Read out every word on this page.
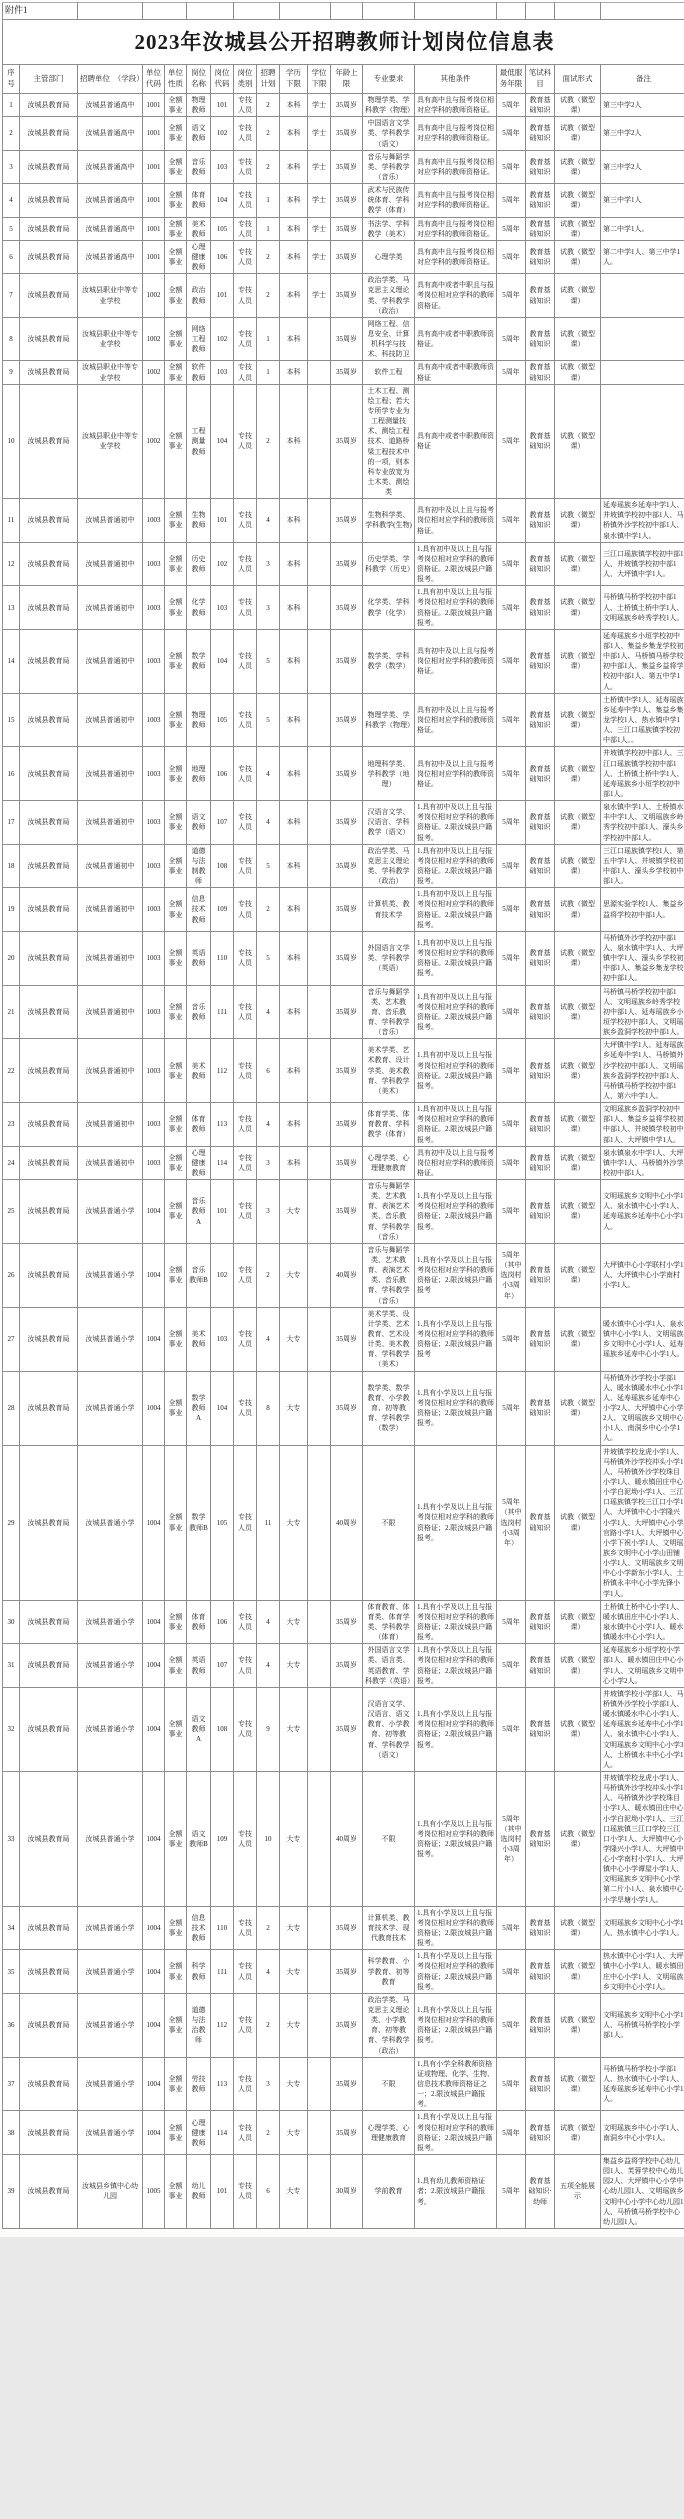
附件1																	
2023年汝城县公开招聘教师计划岗位信息表																	
序号	主管部门	招聘单位　（学段）	单位代码	单位性质	岗位名称	岗位代码	岗位类别	招聘计划	学历　下限	学位下限	年龄上限	专业要求	其他条件	最低服务年限	笔试科目	面试形式	备注
1	汝城县教育局	汝城县普通高中	1001	全额事业	物理教师	101	专技人员	2	本科	学士	35周岁	物理学类、学科教学（物理）	具有高中且与报考岗位相对应学科的教师资格证。	5周年	教育基础知识	试教（微型课）	第三中学2人
2	汝城县教育局	汝城县普通高中	1001	全额事业	语文教师	102	专技人员	2	本科	学士	35周岁	中国语言文学类、学科教学（语文）	具有高中且与报考岗位相对应学科的教师资格证。	5周年	教育基础知识	试教（微型课）	第三中学2人
3	汝城县教育局	汝城县普通高中	1001	全额事业	音乐教师	103	专技人员	2	本科	学士	35周岁	音乐与舞蹈学类、学科教学（音乐）	具有高中且与报考岗位相对应学科的教师资格证。	5周年	教育基础知识	试教（微型课）	第三中学2人
4	汝城县教育局	汝城县普通高中	1001	全额事业	体育教师	104	专技人员	1	本科	学士	35周岁	武术与民族传统体育、学科教学（体育）	具有高中且与报考岗位相对应学科的教师资格证。	5周年	教育基础知识	试教（微型课）	第三中学1人
5	汝城县教育局	汝城县普通高中	1001	全额事业	美术教师	105	专技人员	1	本科	学士	35周岁	书法学、学科教学（美术）	具有高中且与报考岗位相对应学科的教师资格证。	5周年	教育基础知识	试教（微型课）	第二中学1人。
6	汝城县教育局	汝城县普通高中	1001	全额事业	心理健康教师	106	专技人员	2	本科	学士	35周岁	心理学类	具有高中且与报考岗位相对应学科的教师资格证。	5周年	教育基础知识	试教（微型课）	第二中学1人、第三中学1人。
7	汝城县教育局	汝城县职业中等专业学校	1002	全额事业	政治教师	101	专技人员	2	本科	学士	35周岁	政治学类、马克思主义理论类、学科教学（政治）	具有高中或者中职且与报考岗位相对应学科的教师资格证。	5周年	教育基础知识	试教（微型课）	
8	汝城县教育局	汝城县职业中等专业学校	1002	全额事业	网络工程教师	102	专技人员	1	本科		35周岁	网络工程、信息安全、计算机科学与技术、科技防卫	具有高中或者中职教师资格证。	5周年	教育基础知识	试教（微型课）	
9	汝城县教育局	汝城县职业中等专业学校	1002	全额事业	软件教师	103	专技人员	1	本科		35周岁	软件工程	具有高中或者中职教师资格证	5周年	教育基础知识	试教（微型课）	
10	汝城县教育局	汝城县职业中等专业学校	1002	全额事业	工程测量教师	104	专技人员	2	本科		35周岁	土木工程、测绘工程；若大专所学专业为工程测量技术、测绘工程技术、道路桥梁工程技术中的一项，则本科专业放宽为土木类、测绘类	具有高中或者中职教师资格证	5周年	教育基础知识	试教（微型课）	
11	汝城县教育局	汝城县普通初中	1003	全额事业	生物教师	101	专技人员	4	本科		35周岁	生物科学类、学科教学(生物)	具有初中及以上且与报考岗位相对应学科的教师资格证。	5周年	教育基础知识	试教（微型课）	延寿瑶族乡延寿中学1人、井坡镇学校初中部1人、马桥镇外沙学校初中部1人、泉水镇中学1人。
12	汝城县教育局	汝城县普通初中	1003	全额事业	历史教师	102	专技人员	3	本科		35周岁	历史学类、学科教学（历史）	1.具有初中及以上且与报考岗位相对应学科的教师资格证。2.限汝城县户籍报考。	5周年	教育基础知识	试教（微型课）	三江口瑶族镇学校初中部1人、井坡镇学校初中部1人、大坪镇中学1人。
13	汝城县教育局	汝城县普通初中	1003	全额事业	化学教师	103	专技人员	3	本科		35周岁	化学类、学科教学（化学）	1.具有初中及以上且与报考岗位相对应学科的教师资格证。2.限汝城县户籍报考。	5周年	教育基础知识	试教（微型课）	马桥镇马桥学校初中部1人、土桥镇土桥中学1人、文明瑶族乡岭秀学校1人。
14	汝城县教育局	汝城县普通初中	1003	全额事业	数学教师	104	专技人员	5	本科		35周岁	数学类、学科教学（数学）	具有初中及以上且与报考岗位相对应学科的教师资格证。	5周年	教育基础知识	试教（微型课）	延寿瑶族乡小垣学校初中部1人、集益乡集龙学校初中部1人、马桥镇马桥学校初中部1人、集益乡益将学校初中部1人、第五中学1人。
15	汝城县教育局	汝城县普通初中	1003	全额事业	物理教师	105	专技人员	5	本科		35周岁	物理学类、学科教学（物理）	具有初中及以上且与报考岗位相对应学科的教师资格证。	5周年	教育基础知识	试教（微型课）	土桥镇中学1人、延寿瑶族乡延寿中学1人、集益乡集龙学校1人、热水镇中学1人、三江口瑶族镇学校初中部1人。。
16	汝城县教育局	汝城县普通初中	1003	全额事业	地理教师	106	专技人员	4	本科		35周岁	地理科学类、学科教学（地理）	具有初中及以上且与报考岗位相对应学科的教师资格证。	5周年	教育基础知识	试教（微型课）	井坡镇学校初中部1人、三江口瑶族镇学校初中部1人、土桥镇土桥中学1人、延寿瑶族乡小垣学校初中部1人。
17	汝城县教育局	汝城县普通初中	1003	全额事业	语文教师	107	专技人员	4	本科		35周岁	汉语言文学、汉语言、学科教学（语文）	1.具有初中及以上且与报考岗位相对应学科的教师资格证。2.限汝城县户籍报考。	5周年	教育基础知识	试教（微型课）	泉水镇中学1人、土桥镇水丰中学1人、文明瑶族乡岭秀学校初中部1人、濠头乡学校初中部1人。
18	汝城县教育局	汝城县普通初中	1003	全额事业	道德与法制教师	108	专技人员	5	本科		35周岁	政治学类、马克思主义理论类、学科教学（政治）	1.具有初中及以上且与报考岗位相对应学科的教师资格证。2.限汝城县户籍报考。	5周年	教育基础知识	试教（微型课）	三江口瑶族镇学校1人、第五中学1人、井坡镇学校初中部1人、濠头乡学校初中部1人。
19	汝城县教育局	汝城县普通初中	1003	全额事业	信息技术教师	109	专技人员	2	本科		35周岁	计算机类、教育技术学	1.具有初中及以上且与报考岗位相对应学科的教师资格证。2.限汝城县户籍报考。	5周年	教育基础知识	试教（微型课）	思源实验学校1人、集益乡益将学校初中部1人。
20	汝城县教育局	汝城县普通初中	1003	全额事业	英语教师	110	专技人员	5	本科		35周岁	外国语言文学类、学科教学（英语）	1.具有初中及以上且与报考岗位相对应学科的教师资格证。2.限汝城县户籍报考。	5周年	教育基础知识	试教（微型课）	马桥镇外沙学校初中部1人、泉水镇中学1人、大坪镇中学1人、濠头乡学校初中部1人、集益乡集龙学校初中部1人。
21	汝城县教育局	汝城县普通初中	1003	全额事业	音乐教师	111	专技人员	4	本科		35周岁	音乐与舞蹈学类、艺术教育、音乐教育、学科教学（音乐）	1.具有初中及以上且与报考岗位相对应学科的教师资格证。2.限汝城县户籍报考。	5周年	教育基础知识	试教（微型课）	马桥镇马桥学校初中部1人、文明瑶族乡岭秀学校初中部1人、延寿瑶族乡小垣学校初中部1人、文明瑶族乡盈洞学校初中部1人。
22	汝城县教育局	汝城县普通初中	1003	全额事业	美术教师	112	专技人员	6	本科		35周岁	美术学类、艺术教育、设计学类、美术教育、学科教学（美术）	1.具有初中及以上且与报考岗位相对应学科的教师资格证。2.限汝城县户籍报考。	5周年	教育基础知识	试教（微型课）	大坪镇中学1人、延寿瑶族乡延寿中学1人、马桥镇外沙学校初中部1人、文明瑶族乡盈洞学校初中部1人、马桥镇马桥学校初中部1人、第六中学1人。
23	汝城县教育局	汝城县普通初中	1003	全额事业	体育教师	113	专技人员	4	本科		35周岁	体育学类、体育教育、学科教学（体育）	1.具有初中及以上且与报考岗位相对应学科的教师资格证。2.限汝城县户籍报考。	5周年	教育基础知识	试教（微型课）	文明瑶族乡盈洞学校初中部1人、集益乡益将学校初中部1人、井坡镇学校初中部1人、大坪镇中学1人。
24	汝城县教育局	汝城县普通初中	1003	全额事业	心理健康教师	114	专技人员	3	本科		35周岁	心理学类、心理健康教育	具有初中及以上且与报考岗位相对应学科的教师资格证。	5周年	教育基础知识	试教（微型课）	泉水镇泉水中学1人、大坪镇中学1人、马桥镇外沙学校初中部1人。
25	汝城县教育局	汝城县普通小学	1004	全额事业	音乐教师A	101	专技人员	3	大专		35周岁	音乐与舞蹈学类、艺术教育、表演艺术类、音乐教育、学科教学（音乐）	1.具有小学及以上且与报考岗位相对应学科的教师资格证；2.限汝城县户籍报考。	5周年	教育基础知识	试教（微型课）	文明瑶族乡文明中心小学1人、泉水镇中心小学1人、延寿瑶族乡延寿中心小学1人。
26	汝城县教育局	汝城县普通小学	1004	全额事业	音乐教师B	102	专技人员	2	大专		40周岁	音乐与舞蹈学类、艺术教育、表演艺术类、音乐教育、学科教学（音乐）	1.具有小学及以上且与报考岗位相对应学科的教师资格证；2.限汝城县户籍报考	5周年（其中选岗村小3周年）	教育基础知识	试教（微型课）	大坪镇中心小学联村小学1人、大坪镇中心小学南村小学1人。
27	汝城县教育局	汝城县普通小学	1004	全额事业	美术教师	103	专技人员	4	大专		35周岁	美术学类、设计学类、艺术教育、艺术设计类、美术教育、学科教学（美术）	1.具有小学及以上且与报考岗位相对应学科的教师资格证；2.限汝城县户籍报考	5周年	教育基础知识	试教（微型课）	暖水镇中心小学1人、泉水镇中心小学1人、文明瑶族乡文明中心小学1人、延寿瑶族乡延寿中心小学1人。
28	汝城县教育局	汝城县普通小学	1004	全额事业	数学教师A	104	专技人员	8	大专		35周岁	数学类、数学教育、小学教育、初等教育、学科教学（数学）	1.具有小学及以上且与报考岗位相对应学科的教师资格证；2.限汝城县户籍报考。	5周年	教育基础知识	试教（微型课）	马桥镇外沙学校小学部1人、暖水镇暖水中心小学1人、延寿瑶族乡延寿中心小学2人、大坪镇中心小学2人、文明瑶族乡文明中心小1人、南洞乡中心小学1人。
29	汝城县教育局	汝城县普通小学	1004	全额事业	数学教师B	105	专技人员	11	大专		40周岁	不限	1.具有小学及以上且与报考岗位相对应学科的教师资格证；2.限汝城县户籍报考。	5周年（其中选岗村小3周年）	教育基础知识	试教（微型课）	井坡镇学校龙虎小学1人、马桥镇外沙学校冲头小学1人、马桥镇外沙学校珠目小学1人、暖水镇田庄中心小学白泥坳小学1人、三江口瑶族镇学校三江口小学1人、大坪镇中心小学隆兴小学1人、大坪镇中心小学官路小学1人、大坪镇中心小学下祝小学1人、文明瑶族乡文明中心小学山田铺小学1人、文明瑶族乡文明中心小学新东小学1人、土桥镇永丰中心小学先锋小学1人。
30	汝城县教育局	汝城县普通小学	1004	全额事业	体育教师	106	专技人员	4	大专		35周岁	体育教育、体育类、体育学类、学科教学（体育）	1.具有小学及以上且与报考岗位相对应学科的教师资格证；2.限汝城县户籍报考。	5周年	教育基础知识	试教（微型课）	土桥镇土桥中心小学1人、暖水镇田庄中心小学1人、泉水镇中心小学1人、暖水镇暖水中心小学1人。
31	汝城县教育局	汝城县普通小学	1004	全额事业	英语教师	107	专技人员	4	大专		35周岁	外国语言文学类、语言类、英语教育、学科教学（英语）	1.具有小学及以上且与报考岗位相对应学科的教师资格证；2.限汝城县户籍报考。	5周年	教育基础知识	试教（微型课）	延寿瑶族乡小垣学校小学部1人、暖水镇田庄中心小学1人、文明瑶族乡文明中心小学2人。
32	汝城县教育局	汝城县普通小学	1004	全额事业	语文教师A	108	专技人员	9	大专		35周岁	汉语言文学、汉语言、语文教育、小学教育、初等教育、学科教学（语文）	1.具有小学及以上且与报考岗位相对应学科的教师资格证；2.限汝城县户籍报考。	5周年	教育基础知识	试教（微型课）	井坡镇学校小学部1人、马桥镇外沙学校小学部1人、暖水镇暖水中心小学1人、延寿瑶族乡延寿中心小学1人、泉水镇中心小学1人、文明瑶族乡文明中心小学3人、土桥镇水丰中心小学1人。
33	汝城县教育局	汝城县普通小学	1004	全额事业	语文教师B	109	专技人员	10	大专		40周岁	不限	1.具有小学及以上且与报考岗位相对应学科的教师资格证；2.限汝城县户籍报考。	5周年（其中选岗村小3周年）	教育基础知识	试教（微型课）	井坡镇学校龙虎小学1人、马桥镇外沙学校冲头小学1人、马桥镇外沙学校珠目小学1人、暖水镇田庄中心小学白泥坳小学1人、三江口瑶族镇三江口学校三江口小学1人、大坪镇中心小学隆兴小学1人、大坪镇中心小学南村小学1人、大坪镇中心小学谭屋小学1人、文明瑶族乡文明中心小学第二片小1人、泉水镇中心小学旱塘小学1人。
34	汝城县教育局	汝城县普通小学	1004	全额事业	信息技术教师	110	专技人员	2	大专		35周岁	计算机类、教育技术学、现代教育技术	1.具有小学及以上且与报考岗位相对应学科的教师资格证；2.限汝城县户籍报考。	5周年	教育基础知识	试教（微型课）	文明瑶族乡文明中心小学1人、热水镇中心小学1人。
35	汝城县教育局	汝城县普通小学	1004	全额事业	科学教师	111	专技人员	4	大专		35周岁	科学教育、小学教育、初等教育	1.具有小学及以上且与报考岗位相对应学科的教师资格证；2.限汝城县户籍报考。	5周年	教育基础知识	试教（微型课）	热水镇中心小学1人、大坪镇中心小学1人、暖水镇田庄中心小学1人、文明瑶族乡文明中心小学1人。
36	汝城县教育局	汝城县普通小学	1004	全额事业	道德与法治教师	112	专技人员	2	大专		35周岁	政治学类、马克思主义理论类、小学教育、初等教育、学科教学（政治）	1.具有小学及以上且与报考岗位相对应学科的教师资格证；2.限汝城县户籍报考。	5周年	教育基础知识	试教（微型课）	文明瑶族乡文明中心小学1人、马桥镇马桥学校小学部1人。
37	汝城县教育局	汝城县普通小学	1004	全额事业	劳技教师	113	专技人员	3	大专		35周岁	不限	1.具有小学全科教师资格证或物理、化学、生物、信息技术教师资格证之一；2.限汝城县户籍报考。	5周年	教育基础知识	试教（微型课）	马桥镇马桥学校小学部1人、热水镇中心小学1人、延寿瑶族乡延寿中心小学1人。
38	汝城县教育局	汝城县普通小学	1004	全额事业	心理健康教师	114	专技人员	2	大专		35周岁	心理学类、心理健康教育	1.具有小学及以上且与报考岗位相对应学科的教师资格证；2.限汝城县户籍报考。	5周年	教育基础知识	试教（微型课）	文明瑶族乡中心小学1人、南洞乡中心小学1人。
39	汝城县教育局	汝城县乡镇中心幼儿园	1005	全额事业	幼儿教师	101	专技人员	6	大专		30周岁	学前教育	1.具有幼儿教师资格证者；2.限汝城县户籍报考。	5周年	教育基础知识·幼师	五项全能展示	集益乡益将学校中心幼儿园1人、芙蓉学校中心幼儿园2人、大坪镇中心小学中心幼儿园1人、文明瑶族乡文明中心小学中心幼儿园1人、马桥镇马桥学校中心幼儿园1人。
